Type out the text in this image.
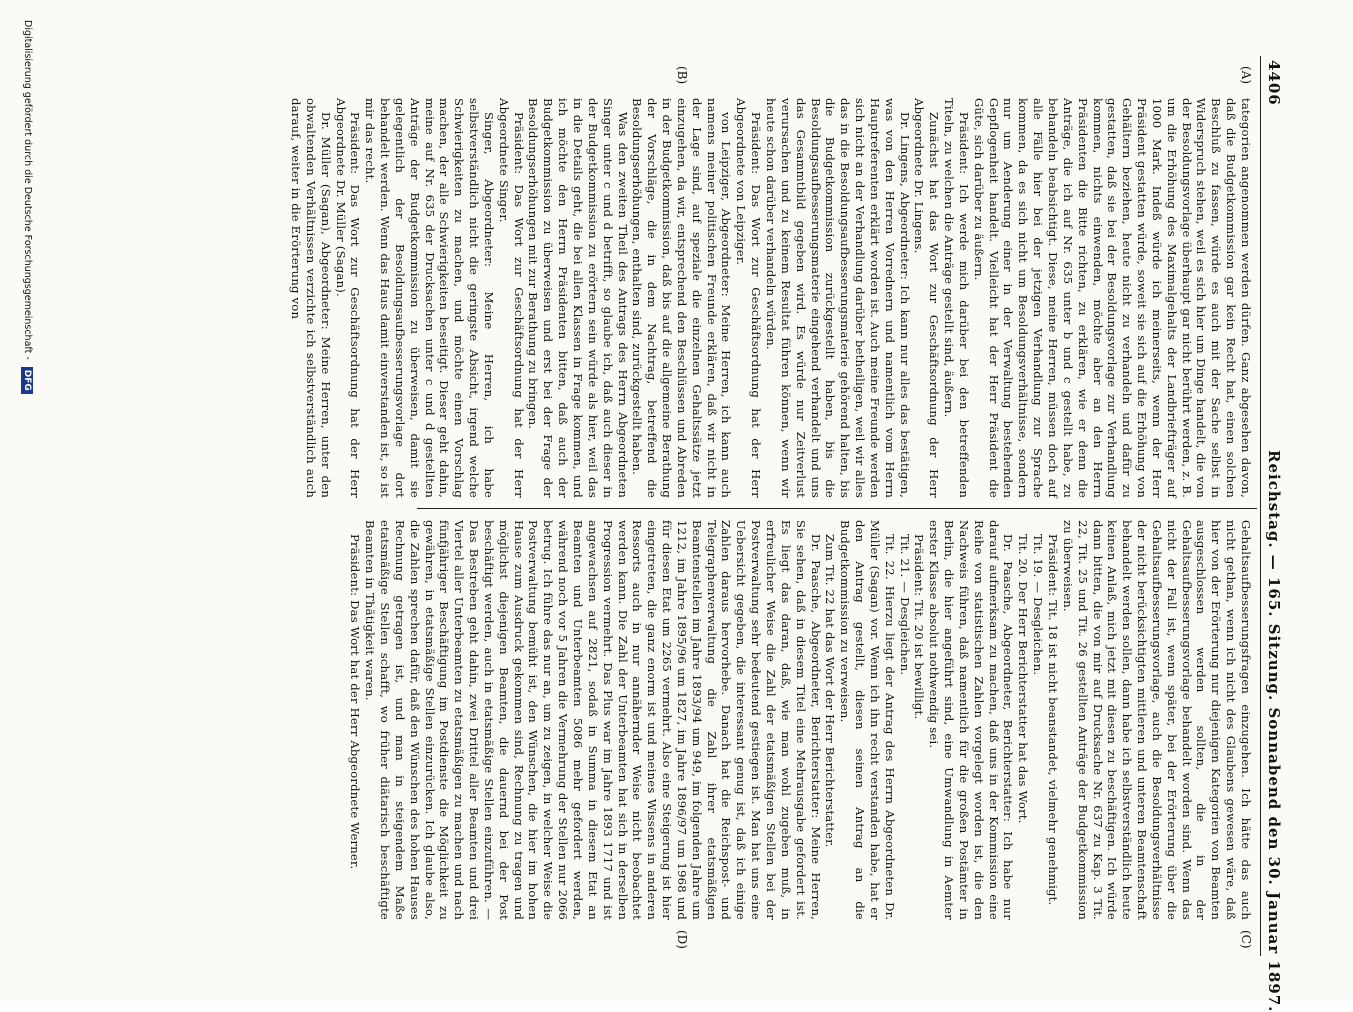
4406
Reichstag. — 165. Sitzung. Sonnabend den 30. Januar 1897.
(A)
(B)
(C)
(D)

tategorien angenommen werden dürfen. Ganz abgesehen davon, daß die Budgetkommission gar kein Recht hat, einen solchen Beschluß zu fassen, würde es auch mit der Sache selbst in Widerspruch stehen, weil es sich hier um Dinge handelt, die von der Besoldungsvorlage überhaupt gar nicht berührt werden, z. B. um die Erhöhung des Maximalgehalts der Landbriefträger auf 1000 Mark. Indeß würde ich meinerseits, wenn der Herr Präsident gestatten würde, soweit sie sich auf die Erhöhung von Gehältern beziehen, heute nicht zu verhandeln und dafür zu gestatten, daß sie bei der Besoldungsvorlage zur Verhandlung kommen, nichts einwenden, möchte aber an den Herrn Präsidenten die Bitte richten, zu erklären, wie er denn die Anträge, die ich auf Nr. 635 unter b und c gestellt habe, zu behandeln beabsichtigt. Diese, meine Herren, müssen doch auf alle Fälle hier bei der jetzigen Verhandlung zur Sprache kommen, da es sich nicht um Besoldungsverhältnisse, sondern nur um Aenderung einer in der Verwaltung bestehenden Gepflogenheit handelt. Vielleicht hat der Herr Präsident die Güte, sich darüber zu äußern.

Präsident: Ich werde mich darüber bei den betreffenden Titeln, zu welchen die Anträge gestellt sind, äußern.

Zunächst hat das Wort zur Geschäftsordnung der Herr Abgeordnete Dr. Lingens.

Dr. Lingens, Abgeordneter: Ich kann nur alles das bestätigen, was von den Herren Vorrednern und namentlich vom Herrn Hauptreferenten erklärt worden ist. Auch meine Freunde werden sich nicht an der Verhandlung darüber betheiligen, weil wir alles das in die Besoldungsaufbesserungsmaterie gehörend halten, bis die Budgetkommission zurückgestellt haben, bis die Besoldungsaufbesserungsmaterie eingehend verhandelt und uns das Gesammtbild gegeben wird. Es würde nur Zeitverlust verursachen und zu keinem Resultat führen können, wenn wir heute schon darüber verhandeln würden.

Präsident: Das Wort zur Geschäftsordnung hat der Herr Abgeordnete von Leipziger.

von Leipziger, Abgeordneter: Meine Herren, ich kann auch namens meiner politischen Freunde erklären, daß wir nicht in der Lage sind, auf speziale die einzelnen Gehaltssätze jetzt einzugehen, da wir, entsprechend den Beschlüssen und Abreden in der Budgetkommission, daß bis auf die allgemeine Berathung der Vorschläge, die in dem Nachtrag, betreffend die Besoldungserhöhungen, enthalten sind, zurückgestellt haben.

Was den zweiten Theil des Antrags des Herrn Abgeordneten Singer unter c und d betrifft, so glaube ich, daß auch dieser in der Budgetkommission zu erörtern sein würde als hier, weil das in die Details geht, die bei allen Klassen in Frage kommen, und ich möchte den Herrn Präsidenten bitten, daß auch der Budgetkommission zu überweisen und erst bei der Frage der Besoldungserhöhungen mit zur Berathung zu bringen.

Präsident: Das Wort zur Geschäftsordnung hat der Herr Abgeordnete Singer.

Singer, Abgeordneter: Meine Herren, ich habe selbstverständlich nicht die geringste Absicht, irgend welche Schwierigkeiten zu machen, und möchte einen Vorschlag machen, der alle Schwierigkeiten beseitigt. Dieser geht dahin, meine auf Nr. 635 der Drucksachen unter c und d gestellten Anträge der Budgetkommission zu überweisen, damit sie gelegentlich der Besoldungsaufbesserungsvorlage dort behandelt werden. Wenn das Haus damit einverstanden ist, so ist mir das recht.

Präsident: Das Wort zur Geschäftsordnung hat der Herr Abgeordnete Dr. Müller (Sagan).

Dr. Müller (Sagan), Abgeordneter: Meine Herren, unter den obwaltenden Verhältnissen verzichte ich selbstverständlich auch darauf, weiter in die Erörterung von

Gehaltsaufbesserungsfragen einzugehen. Ich hätte das auch nicht gethan, wenn ich nicht des Glaubens gewesen wäre, daß hier von der Erörterung nur diejenigen Kategorien von Beamten ausgeschlossen werden sollten, die in der Gehaltsaufbesserungsvorlage behandelt worden sind. Wenn das nicht der Fall ist, wenn später, bei der Erörterung über die Gehaltsaufbesserungsvorlage, auch die Besoldungsverhältnisse der nicht berücksichtigten mittleren und unteren Beamtenschaft behandelt werden sollen, dann habe ich selbstverständlich heute keinen Anlaß, mich jetzt mit diesen zu beschäftigen. Ich würde dann bitten, die von mir auf Drucksache Nr. 637 zu Kap. 3 Tit. 22, Tit. 25 und Tit. 26 gestellten Anträge der Budgetkommission zu überweisen.

Präsident: Tit. 18 ist nicht beanstandet, vielmehr genehmigt.

Tit. 19. — Desgleichen.

Tit. 20. Der Herr Berichterstatter hat das Wort.

Dr. Paasche, Abgeordneter, Berichterstatter: Ich habe nur darauf aufmerksam zu machen, daß uns in der Kommission eine Reihe von statistischen Zahlen vorgelegt worden ist, die den Nachweis führen, daß namentlich für die großen Postämter in Berlin, die hier angeführt sind, eine Umwandlung in Aemter erster Klasse absolut nothwendig sei.

Präsident: Tit. 20 ist bewilligt.

Tit. 21. — Desgleichen.

Tit. 22. Hierzu liegt der Antrag des Herrn Abgeordneten Dr. Müller (Sagan) vor. Wenn ich ihn recht verstanden habe, hat er den Antrag gestellt, diesen seinen Antrag an die Budgetkommission zu verweisen.

Zum Tit. 22 hat das Wort der Herr Berichterstatter.

Dr. Paasche, Abgeordneter, Berichterstatter: Meine Herren, Sie sehen, daß in diesem Titel eine Mehrausgabe gefordert ist. Es liegt das daran, daß, wie man wohl zugeben muß, in erfreulicher Weise die Zahl der etatsmäßigen Stellen bei der Postverwaltung sehr bedeutend gestiegen ist. Man hat uns eine Uebersicht gegeben, die interessant genug ist, daß ich einige Zahlen daraus hervorhebe. Danach hat die Reichspost- und Telegraphenverwaltung die Zahl ihrer etatsmäßigen Beamtenstellen im Jahre 1893/94 um 949, im folgenden Jahre um 1212, im Jahre 1895/96 um 1827, im Jahre 1896/97 um 1968 und für diesen Etat um 2265 vermehrt. Also eine Steigerung ist hier eingetreten, die ganz enorm ist und meines Wissens in anderen Ressorts auch in nur annähernder Weise nicht beobachtet werden kann. Die Zahl der Unterbeamten hat sich in derselben Progression vermehrt. Das Plus war im Jahre 1893 1717 und ist angewachsen auf 2821, sodaß in Summa in diesem Etat an Beamten und Unterbeamten 5086 mehr gefordert werden, während noch vor 5 Jahren die Vermehrung der Stellen nur 2066 betrug. Ich führe das nur an, um zu zeigen, in welcher Weise die Postverwaltung bemüht ist, den Wünschen, die hier im hohen Hause zum Ausdruck gekommen sind, Rechnung zu tragen und möglichst diejenigen Beamten, die dauernd bei der Post beschäftigt werden, auch in etatsmäßige Stellen einzuführen. — Das Bestreben geht dahin, zwei Drittel aller Beamten und drei Viertel aller Unterbeamten zu etatsmäßigen zu machen und nach fünfjähriger Beschäftigung im Postdienste die Möglichkeit zu gewähren, in etatsmäßige Stellen einzurücken. Ich glaube also, die Zahlen sprechen dafür, daß den Wünschen des hohen Hauses Rechnung getragen ist, und man in steigendem Maße etatsmäßige Stellen schafft, wo früher diätarisch beschäftigte Beamten in Thätigkeit waren.

Präsident: Das Wort hat der Herr Abgeordnete Werner.

Digitalisierung gefördert durch die Deutsche Forschungsgemeinschaft - DFG
